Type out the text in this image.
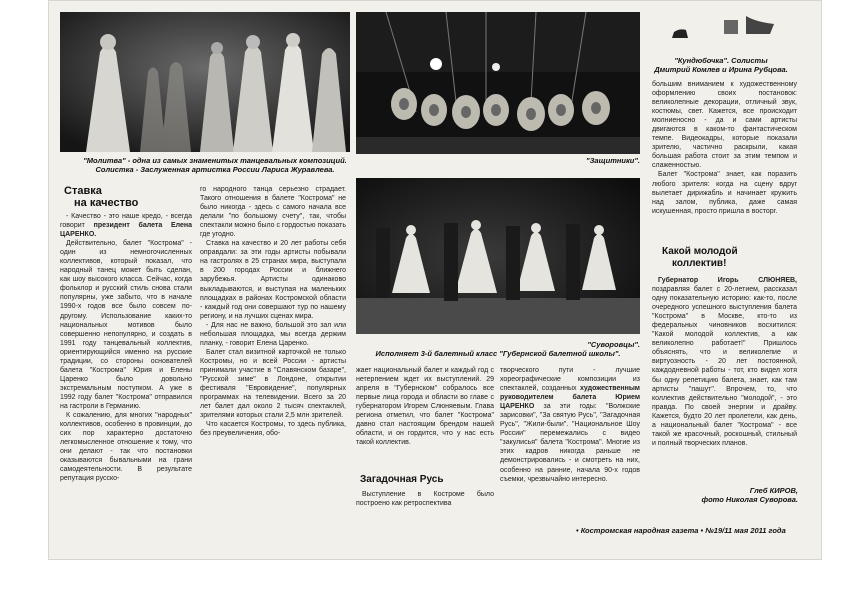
"Молитва" - одна из самых знаменитых танцевальных композиций.
Солистка - Заслуженная артистка России Лариса Журавлева.
"Защитники".
"Кундюбочка". Солисты
Дмитрий Комлев и Ирина Рубцова.
"Суворовцы".
Исполняет 3-й балетный класс "Губернской балетной школы".
Ставка
на качество

- Качество - это наше кредо, - всегда говорит президент балета Елена ЦАРЕНКО.

Действительно, балет "Кострома" - один из немногочисленных коллективов, который показал, что народный танец может быть сделан, как шоу высокого класса. Сейчас, когда фольклор и русский стиль снова стали популярны, уже забыто, что в начале 1990-х годов все было совсем по-другому. Использование каких-то национальных мотивов было совершенно непопулярно, и создать в 1991 году танцевальный коллектив, ориентирующийся именно на русские традиции, со стороны основателей балета "Кострома" Юрия и Елены Царенко было довольно экстремальным поступком. А уже в 1992 году балет "Кострома" отправился на гастроли в Германию.

К сожалению, для многих "народных" коллективов, особенно в провинции, до сих пор характерно достаточно легкомысленное отношение к тому, что они делают - так что постановки оказываются бывальными на грани самодеятельности. В результате репутация русско-

го народного танца серьезно страдает. Такого отношения в балете "Кострома" не было никогда - здесь с самого начала все делали "по большому счету", так, чтобы спектакли можно было с гордостью показать где угодно.

Ставка на качество и 20 лет работы себя оправдали: за эти годы артисты побывали на гастролях в 25 странах мира, выступали в 200 городах России и ближнего зарубежья. Артисты одинаково выкладываются, и выступая на маленьких площадках в районах Костромской области - каждый год они совершают тур по нашему региону, и на лучших сценах мира.

- Для нас не важно, большой это зал или небольшая площадка, мы всегда держим планку, - говорит Елена Царенко.

Балет стал визитной карточкой не только Костромы, но и всей России - артисты принимали участие в "Славянском базаре", "Русской зиме" в Лондоне, открытии фестиваля "Евровидение", популярных программах на телевидении. Всего за 20 лет балет дал около 2 тысяч спектаклей, зрителями которых стали 2,5 млн зрителей.

Что касается Костромы, то здесь публика, без преувеличения, обо-

жает национальный балет и каждый год с нетерпением ждет их выступлений. 29 апреля в "Губернском" собралось все первые лица города и области во главе с губернатором Игорем Слюняевым. Глава региона отметил, что балет "Кострома" давно стал настоящим брендом нашей области, и он гордится, что у нас есть такой коллектив.

Загадочная Русь

Выступление в Костроме было построено как ретроспектива

творческого пути - лучшие хореографические композиции из спектаклей, созданных художественным руководителем балета Юрием ЦАРЕНКО за эти годы: "Волжские зарисовки", "За святую Русь", "Загадочная Русь", "Жили-были". "Национальное Шоу России" перемежались с видео "закулисья" балета "Кострома". Многие из этих кадров никогда раньше не демонстрировались - и смотреть на них, особенно на ранние, начала 90-х годов съемки, чрезвычайно интересно.

большим вниманием к художественному оформлению своих постановок: великолепные декорации, отличный звук, костюмы, свет. Кажется, все происходит молниеносно - да и сами артисты двигаются в каком-то фантастическом темпе. Видеокадры, которые показали зрителю, частично раскрыли, какая большая работа стоит за этим темпом и слаженностью.

Балет "Кострома" знает, как поразить любого зрителя: когда на сцену вдруг вылетает дирижабль и начинает кружить над залом, публика, даже самая искушенная, просто пришла в восторг.

Какой молодой
коллектив!

Губернатор Игорь СЛЮНЯЕВ, поздравляя балет с 20-летием, рассказал одну показательную историю: как-то, после очередного успешного выступления балета "Кострома" в Москве, кто-то из федеральных чиновников восхитился: "Какой молодой коллектив, а как великолепно работает!" Пришлось объяснять, что и великолепие и виртуозность - 20 лет постоянной, каждодневной работы - тот, кто видел хотя бы одну репетицию балета, знает, как там артисты "пашут". Впрочем, то, что коллектив действительно "молодой", - это правда. По своей энергии и драйву. Кажется, будто 20 лет пролетели, как день, а национальный балет "Кострома" - все такой же красочный, роскошный, стильный и полный творческих планов.

Глеб КИРОВ,
фото Николая Суворова.
• Костромская народная газета • №19/11 мая 2011 года
